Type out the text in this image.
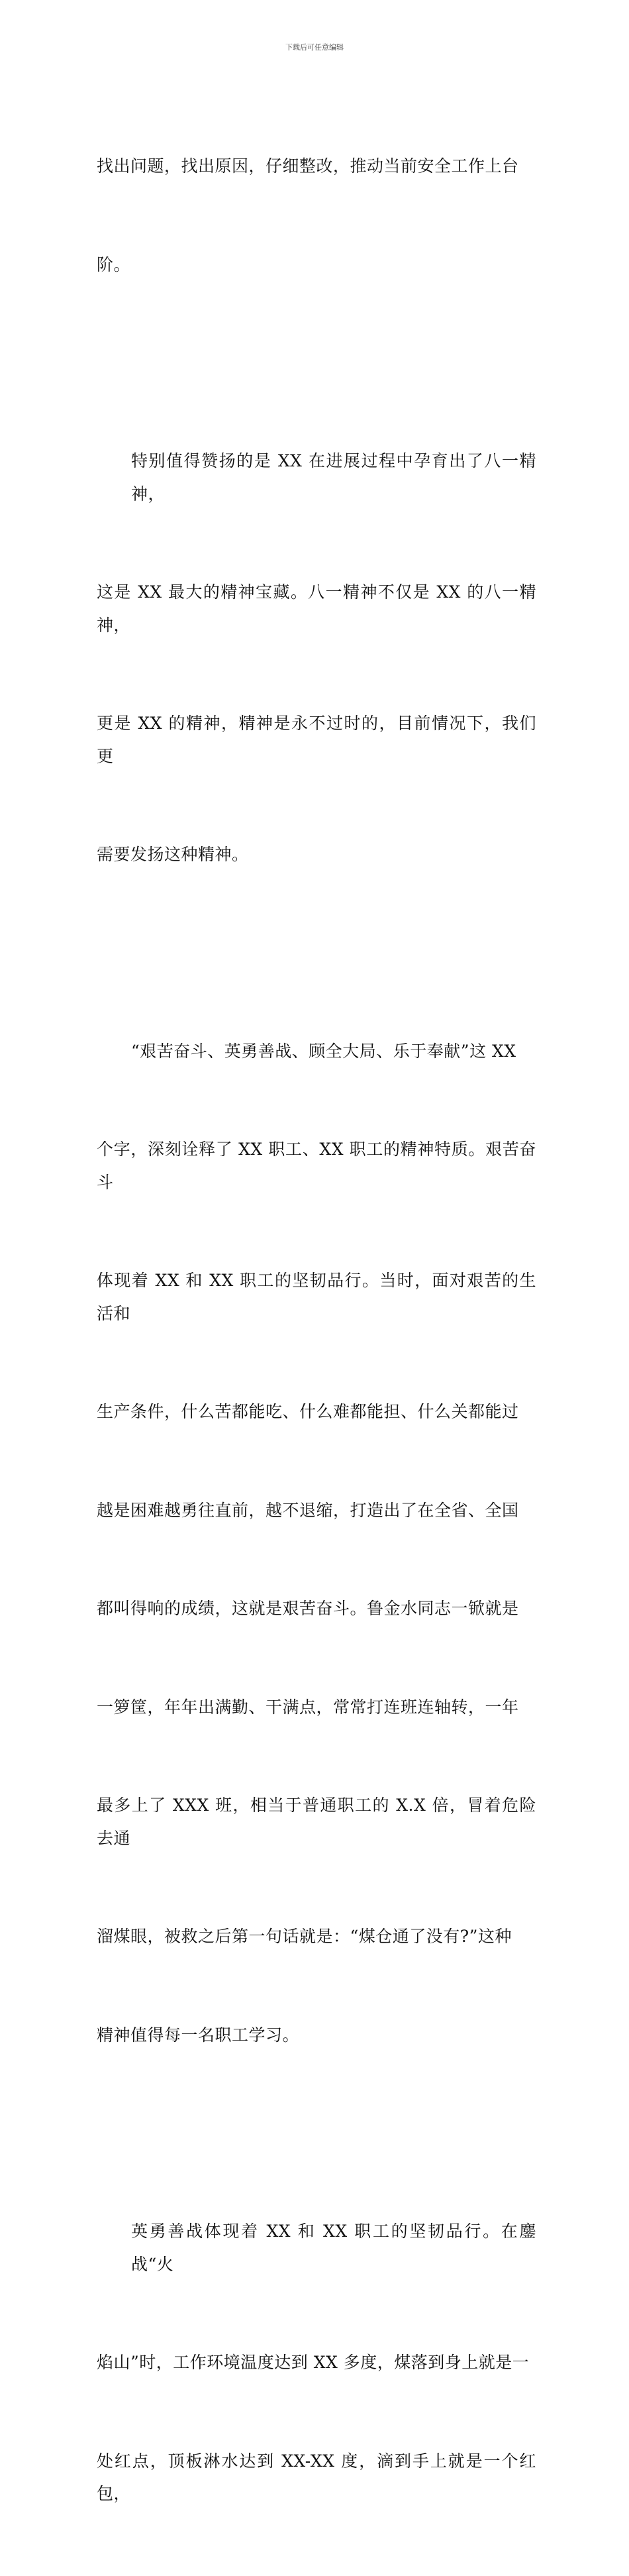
下载后可任意编辑

找出问题，找出原因，仔细整改，推动当前安全工作上台

阶。

特别值得赞扬的是 XX 在进展过程中孕育出了八一精神，

这是 XX 最大的精神宝藏。八一精神不仅是 XX 的八一精神，

更是 XX 的精神，精神是永不过时的，目前情况下，我们更

需要发扬这种精神。

“艰苦奋斗、英勇善战、顾全大局、乐于奉献”这 XX

个字，深刻诠释了 XX 职工、XX 职工的精神特质。艰苦奋斗

体现着 XX 和 XX 职工的坚韧品行。当时，面对艰苦的生活和

生产条件，什么苦都能吃、什么难都能担、什么关都能过

越是困难越勇往直前，越不退缩，打造出了在全省、全国

都叫得响的成绩，这就是艰苦奋斗。鲁金水同志一锨就是

一箩筐，年年出满勤、干满点，常常打连班连轴转，一年

最多上了 XXX 班，相当于普通职工的 X.X 倍，冒着危险去通

溜煤眼，被救之后第一句话就是：“煤仓通了没有?”这种

精神值得每一名职工学习。

英勇善战体现着 XX 和 XX 职工的坚韧品行。在鏖战“火

焰山”时，工作环境温度达到 XX 多度，煤落到身上就是一

处红点，顶板淋水达到 XX-XX 度，滴到手上就是一个红包，
